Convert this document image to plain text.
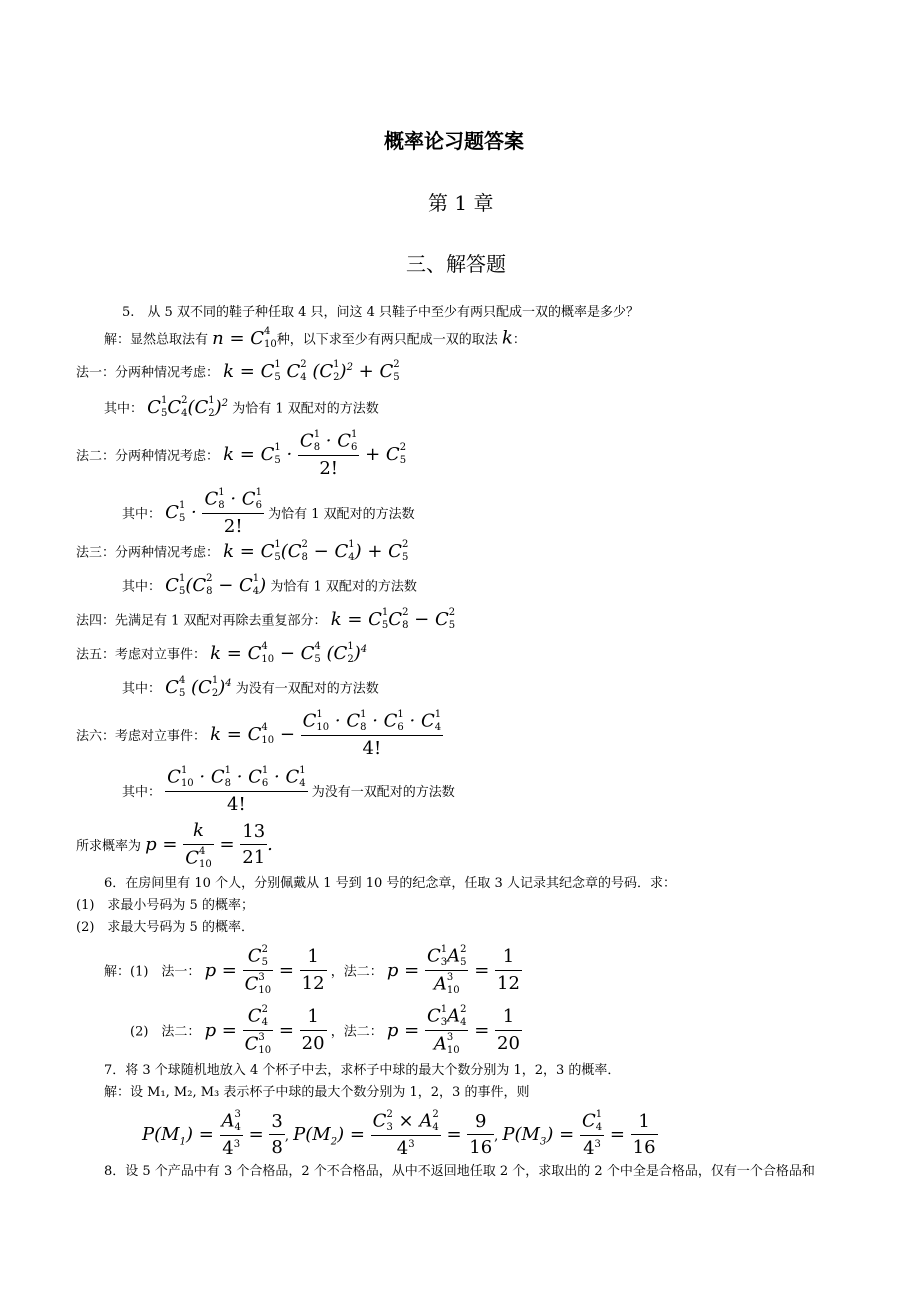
概率论习题答案
第 1 章
三、解答题
5.　从 5 双不同的鞋子种任取 4 只，问这 4 只鞋子中至少有两只配成一双的概率是多少？
解：显然总取法有 n = C 4
10 种，以下求至少有两只配成一双的取法 k：
法一：分两种情况考虑： k = C 1
5 C 2
4 (C 1
2 )$^2$ + C 2
5
其中： C 1
5 C 2
4 (C 1
2 )$^2$ 为恰有 1 双配对的方法数
法二：分两种情况考虑： k = C 1
5 · C 1
8 · C 1
6
2! + C 2
5
其中： C 1
5 · C 1
8 · C 1
6
2! 为恰有 1 双配对的方法数
法三：分两种情况考虑： k = C 1
5 (C 2
8 − C 1
4 ) + C 2
5
其中： C 1
5 (C 2
8 − C 1
4 ) 为恰有 1 双配对的方法数
法四：先满足有 1 双配对再除去重复部分： k = C 1
5 C 2
8 − C 2
5
法五：考虑对立事件： k = C 4
10 − C 4
5 (C 1
2 )$^4$
其中： C 4
5 (C 1
2 )$^4$ 为没有一双配对的方法数
法六：考虑对立事件： k = C 4
10 − C 1
10 · C 1
8 · C 1
6 · C 1
4
4!
其中： C 1
10 · C 1
8 · C 1
6 · C 1
4
4! 为没有一双配对的方法数
所求概率为 p = k
C 4
$10 = \frac{13}{21}$ .
6．在房间里有 10 个人，分别佩戴从 1 号到 10 号的纪念章，任取 3 人记录其纪念章的号码．求：
(1)　求最小号码为 5 的概率；
(2)　求最大号码为 5 的概率．
解：(1)　法一： p = C 2
5
C 3
$10 = \frac{1}{12}$ ，法二： p = C 1
3 A 2
5
A 3
$10 = \frac{1}{12}$
(2)　法二： p = C 2
4
C 3
$10 = \frac{1}{20}$ ，法二： p = C 1
3 A 2
4
A 3
$10 = \frac{1}{20}$
7．将 3 个球随机地放入 4 个杯子中去，求杯子中球的最大个数分别为 1，2，3 的概率．
解：设 M₁, M₂, M₃ 表示杯子中球的最大个数分别为 1，2，3 的事件，则
$P(M_1) = A$ 3
4
$4^3 = \frac{3}{8}$ , $P(M_2) = C$ 2
3 × A 2
4
$4^3 = \frac{9}{16}$ , $P(M_3) = C$ 1
4
$4^3 = \frac{1}{16}$
8．设 5 个产品中有 3 个合格品，2 个不合格品，从中不返回地任取 2 个，求取出的 2 个中全是合格品，仅有一个合格品和
